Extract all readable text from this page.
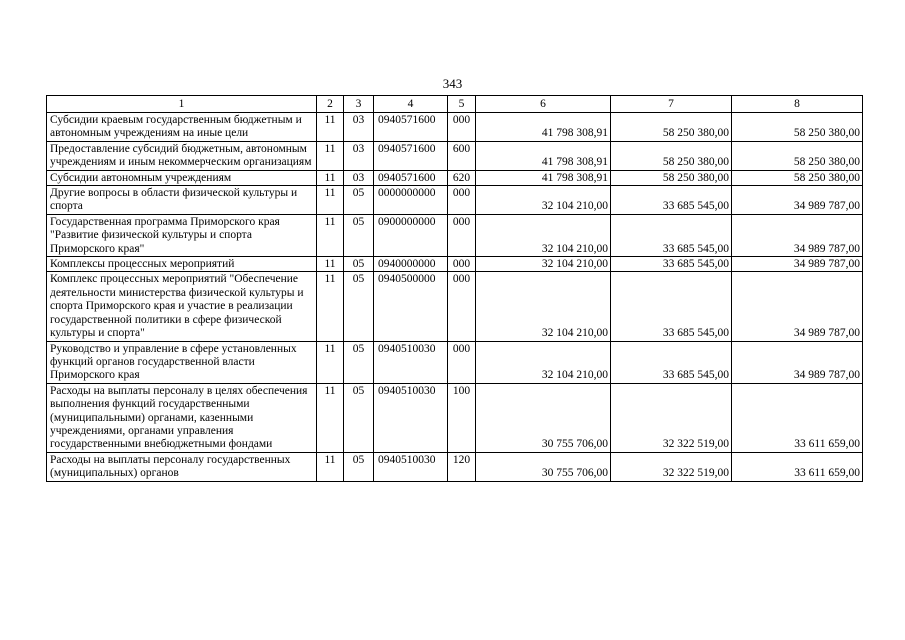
343
1	2	3	4	5	6	7	8
Субсидии краевым государственным бюджетным и автономным учреждениям на иные цели	11	03	0940571600	000	41 798 308,91	58 250 380,00	58 250 380,00
Предоставление субсидий бюджетным, автономным учреждениям и иным некоммерческим организациям	11	03	0940571600	600	41 798 308,91	58 250 380,00	58 250 380,00
Субсидии автономным учреждениям	11	03	0940571600	620	41 798 308,91	58 250 380,00	58 250 380,00
Другие вопросы в области физической культуры и спорта	11	05	0000000000	000	32 104 210,00	33 685 545,00	34 989 787,00
Государственная программа Приморского края "Развитие физической культуры и спорта Приморского края"	11	05	0900000000	000	32 104 210,00	33 685 545,00	34 989 787,00
Комплексы процессных мероприятий	11	05	0940000000	000	32 104 210,00	33 685 545,00	34 989 787,00
Комплекс процессных мероприятий "Обеспечение деятельности министерства физической культуры и спорта Приморского края и участие в реализации государственной политики в сфере физической культуры и спорта"	11	05	0940500000	000	32 104 210,00	33 685 545,00	34 989 787,00
Руководство и управление в сфере установленных функций органов государственной власти Приморского края	11	05	0940510030	000	32 104 210,00	33 685 545,00	34 989 787,00
Расходы на выплаты персоналу в целях обеспечения выполнения функций государственными (муниципальными) органами, казенными учреждениями, органами управления государственными внебюджетными фондами	11	05	0940510030	100	30 755 706,00	32 322 519,00	33 611 659,00
Расходы на выплаты персоналу государственных (муниципальных) органов	11	05	0940510030	120	30 755 706,00	32 322 519,00	33 611 659,00
